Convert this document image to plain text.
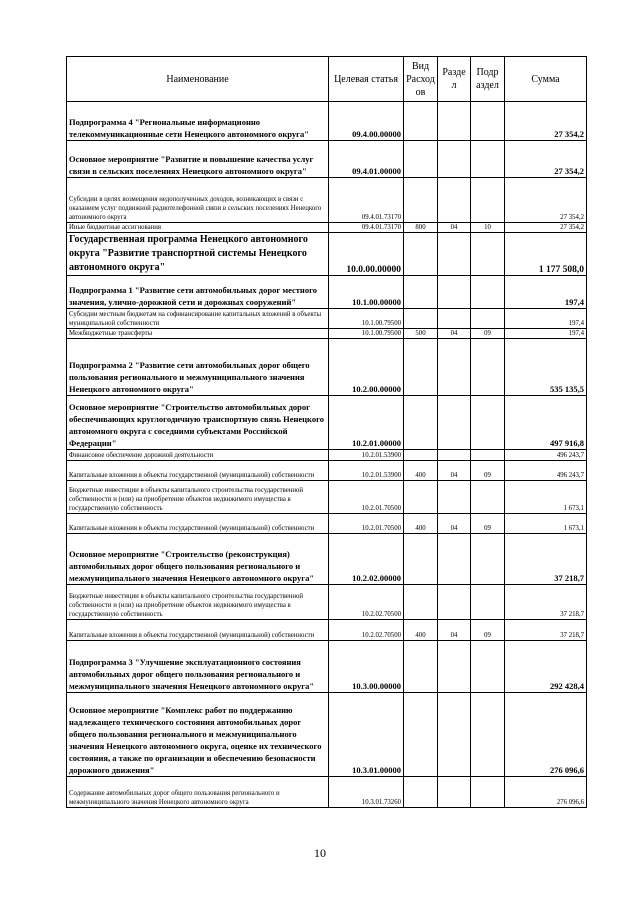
Наименование	Целевая статья	Вид Расход ов	Разде л	Подр аздел	Сумма
Подпрограмма 4 "Региональные информационно телекоммуникационные сети Ненецкого автономного округа"	09.4.00.00000				27 354,2
Основное мероприятие "Развитие и повышение качества услуг связи в сельских поселениях Ненецкого автономного округа"	09.4.01.00000				27 354,2
Субсидии в целях возмещения недополученных доходов, возникающих в связи с оказанием услуг подвижной радиотелефонной связи в сельских поселениях Ненецкого автономного округа	09.4.01.73170				27 354,2
Иные бюджетные ассигнования	09.4.01.73170	800	04	10	27 354,2
Государственная программа Ненецкого автономного округа "Развитие транспортной системы Ненецкого автономного округа"	10.0.00.00000				1 177 508,0
Подпрограмма 1 "Развитие сети автомобильных дорог местного значения, улично-дорожной сети и дорожных сооружений"	10.1.00.00000				197,4
Субсидии местным бюджетам на софинансирование капитальных вложений в объекты муниципальной собственности	10.1.00.79500				197,4
Межбюджетные трансферты	10.1.00.79500	500	04	09	197,4
Подпрограмма 2 "Развитие сети автомобильных дорог общего пользования регионального и межмуниципального значения Ненецкого автономного округа"	10.2.00.00000				535 135,5
Основное мероприятие "Строительство автомобильных дорог обеспечивающих круглогодичную транспортную связь Ненецкого автономного округа с соседними субъектами Российской Федерации"	10.2.01.00000				497 916,8
Финансовое обеспечение дорожной деятельности	10.2.01.53900				496 243,7
Капитальные вложения в объекты государственной (муниципальной) собственности	10.2.01.53900	400	04	09	496 243,7
Бюджетные инвестиции в объекты капитального строительства государственной собственности и (или) на приобретение объектов недвижимого имущества в государственную собственность	10.2.01.70500				1 673,1
Капитальные вложения в объекты государственной (муниципальной) собственности	10.2.01.70500	400	04	09	1 673,1
Основное мероприятие "Строительство (реконструкция) автомобильных дорог общего пользования регионального и межмуниципального значения Ненецкого автономного округа"	10.2.02.00000				37 218,7
Бюджетные инвестиции в объекты капитального строительства государственной собственности и (или) на приобретение объектов недвижимого имущества в государственную собственность	10.2.02.70500				37 218,7
Капитальные вложения в объекты государственной (муниципальной) собственности	10.2.02.70500	400	04	09	37 218,7
Подпрограмма 3 "Улучшение эксплуатационного состояния автомобильных дорог общего пользования регионального и межмуниципального значения Ненецкого автономного округа"	10.3.00.00000				292 428,4
Основное мероприятие "Комплекс работ по поддержанию надлежащего технического состояния автомобильных дорог общего пользования регионального и межмуниципального значения Ненецкого автономного округа, оценке их технического состояния, а также по организации и обеспечению безопасности дорожного движения"	10.3.01.00000				276 096,6
Содержание автомобильных дорог общего пользования регионального и межмуниципального значения Ненецкого автономного округа	10.3.01.73260				276 096,6
10
